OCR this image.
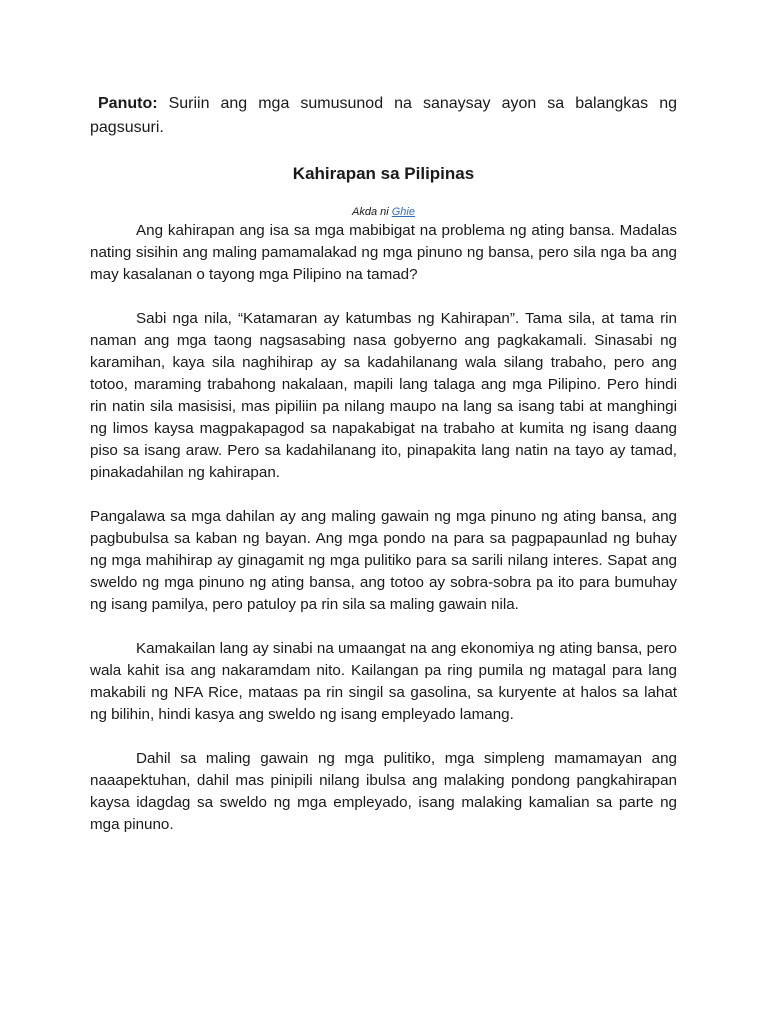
Panuto: Suriin ang mga sumusunod na sanaysay ayon sa balangkas ng pagsusuri.

Kahirapan sa Pilipinas

Akda ni Ghie

Ang kahirapan ang isa sa mga mabibigat na problema ng ating bansa. Madalas nating sisihin ang maling pamamalakad ng mga pinuno ng bansa, pero sila nga ba ang may kasalanan o tayong mga Pilipino na tamad?

Sabi nga nila, “Katamaran ay katumbas ng Kahirapan”. Tama sila, at tama rin naman ang mga taong nagsasabing nasa gobyerno ang pagkakamali. Sinasabi ng karamihan, kaya sila naghihirap ay sa kadahilanang wala silang trabaho, pero ang totoo, maraming trabahong nakalaan, mapili lang talaga ang mga Pilipino. Pero hindi rin natin sila masisisi, mas pipiliin pa nilang maupo na lang sa isang tabi at manghingi ng limos kaysa magpakapagod sa napakabigat na trabaho at kumita ng isang daang piso sa isang araw. Pero sa kadahilanang ito, pinapakita lang natin na tayo ay tamad, pinakadahilan ng kahirapan.

Pangalawa sa mga dahilan ay ang maling gawain ng mga pinuno ng ating bansa, ang pagbubulsa sa kaban ng bayan. Ang mga pondo na para sa pagpapaunlad ng buhay ng mga mahihirap ay ginagamit ng mga pulitiko para sa sarili nilang interes. Sapat ang sweldo ng mga pinuno ng ating bansa, ang totoo ay sobra-sobra pa ito para bumuhay ng isang pamilya, pero patuloy pa rin sila sa maling gawain nila.

Kamakailan lang ay sinabi na umaangat na ang ekonomiya ng ating bansa, pero wala kahit isa ang nakaramdam nito. Kailangan pa ring pumila ng matagal para lang makabili ng NFA Rice, mataas pa rin singil sa gasolina, sa kuryente at halos sa lahat ng bilihin, hindi kasya ang sweldo ng isang empleyado lamang.

Dahil sa maling gawain ng mga pulitiko, mga simpleng mamamayan ang naaapektuhan, dahil mas pinipili nilang ibulsa ang malaking pondong pangkahirapan kaysa idagdag sa sweldo ng mga empleyado, isang malaking kamalian sa parte ng mga pinuno.
